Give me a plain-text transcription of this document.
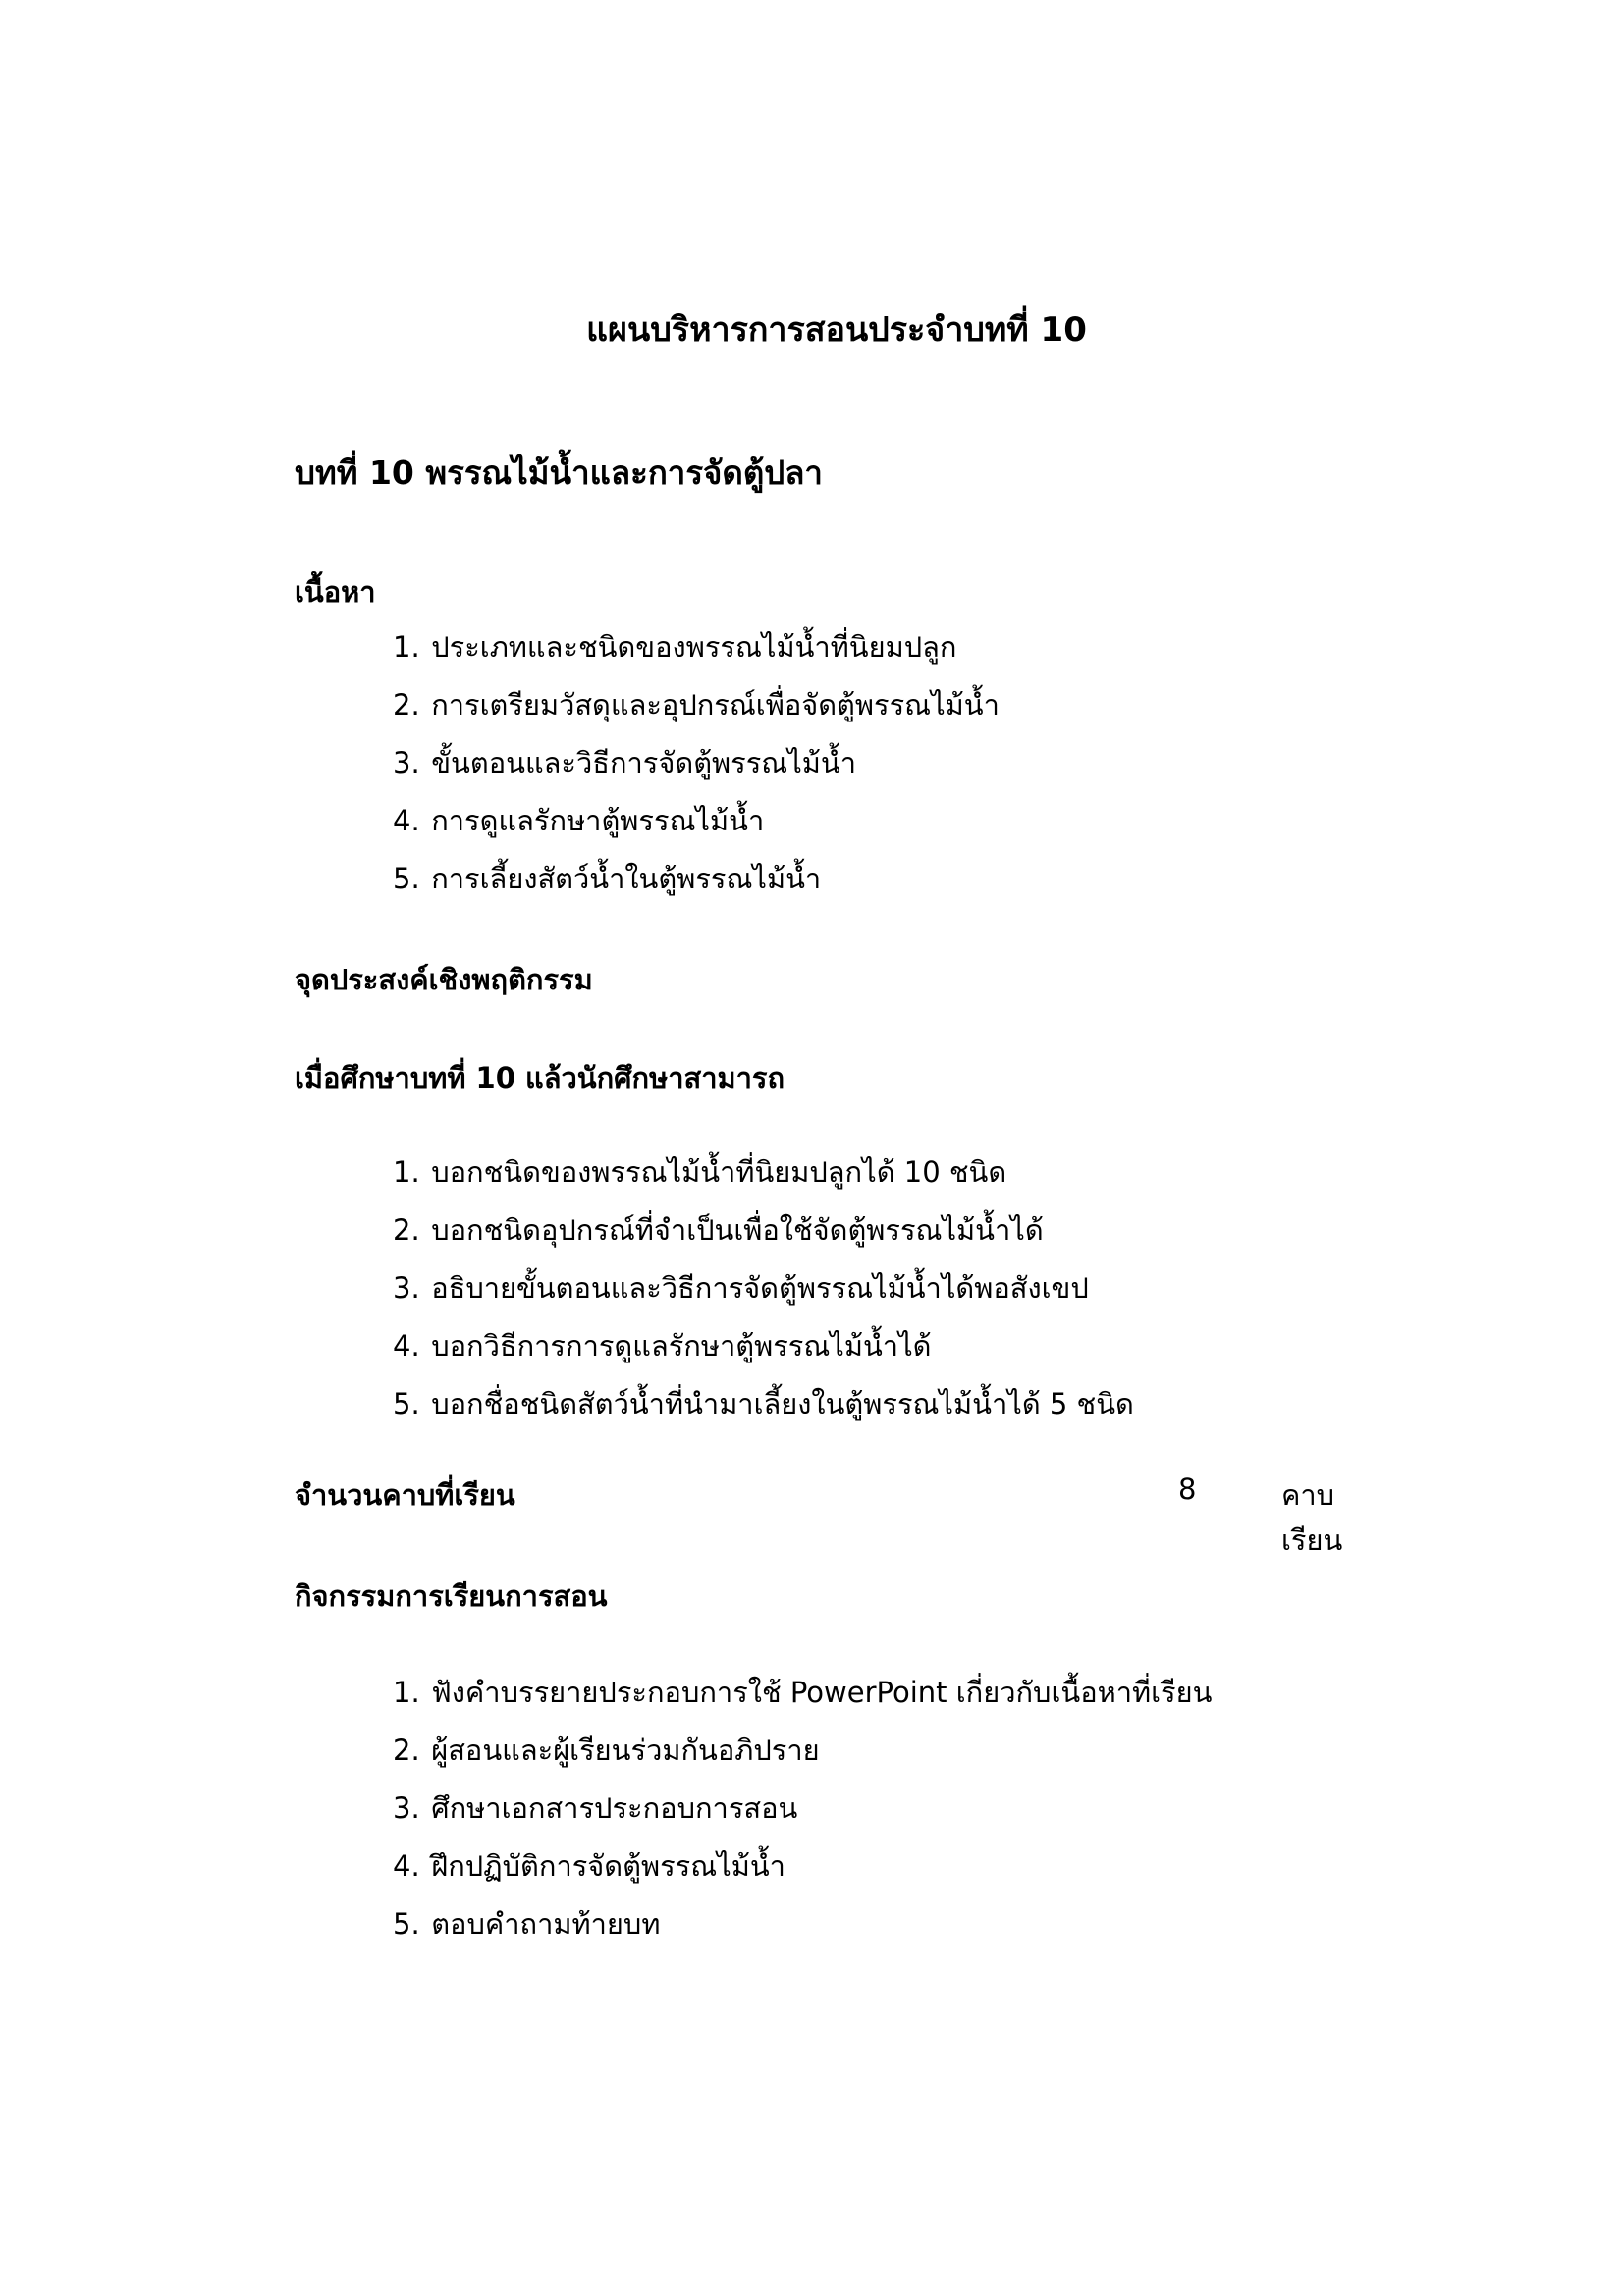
แผนบริหารการสอนประจำบทที่ 10
บทที่ 10 พรรณไม้น้ำและการจัดตู้ปลา
เนื้อหา
1. ประเภทและชนิดของพรรณไม้น้ำที่นิยมปลูก
2. การเตรียมวัสดุและอุปกรณ์เพื่อจัดตู้พรรณไม้น้ำ
3. ขั้นตอนและวิธีการจัดตู้พรรณไม้น้ำ
4. การดูแลรักษาตู้พรรณไม้น้ำ
5. การเลี้ยงสัตว์น้ำในตู้พรรณไม้น้ำ
จุดประสงค์เชิงพฤติกรรม
เมื่อศึกษาบทที่ 10 แล้วนักศึกษาสามารถ
1. บอกชนิดของพรรณไม้น้ำที่นิยมปลูกได้ 10 ชนิด
2. บอกชนิดอุปกรณ์ที่จำเป็นเพื่อใช้จัดตู้พรรณไม้น้ำได้
3. อธิบายขั้นตอนและวิธีการจัดตู้พรรณไม้น้ำได้พอสังเขป
4. บอกวิธีการการดูแลรักษาตู้พรรณไม้น้ำได้
5. บอกชื่อชนิดสัตว์น้ำที่นำมาเลี้ยงในตู้พรรณไม้น้ำได้ 5 ชนิด
จำนวนคาบที่เรียน	8	คาบเรียน
กิจกรรมการเรียนการสอน
1. ฟังคำบรรยายประกอบการใช้ PowerPoint เกี่ยวกับเนื้อหาที่เรียน
2. ผู้สอนและผู้เรียนร่วมกันอภิปราย
3. ศึกษาเอกสารประกอบการสอน
4. ฝึกปฏิบัติการจัดตู้พรรณไม้น้ำ
5. ตอบคำถามท้ายบท
